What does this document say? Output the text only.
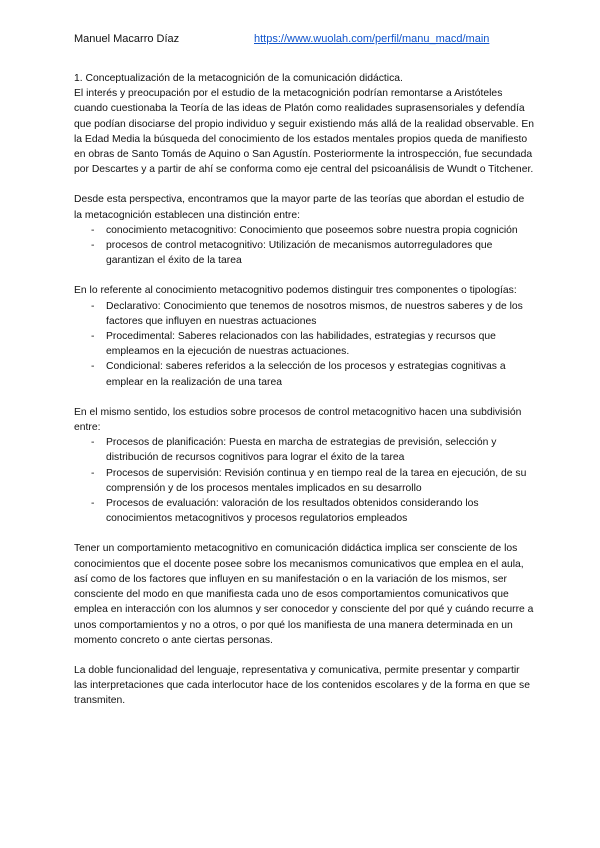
Manuel Macarro Díaz	https://www.wuolah.com/perfil/manu_macd/main

1. Conceptualización de la metacognición de la comunicación didáctica.

El interés y preocupación por el estudio de la metacognición podrían remontarse a Aristóteles cuando cuestionaba la Teoría de las ideas de Platón como realidades suprasensoriales y defendía que podían disociarse del propio individuo y seguir existiendo más allá de la realidad observable. En la Edad Media la búsqueda del conocimiento de los estados mentales propios queda de manifiesto en obras de Santo Tomás de Aquino o San Agustín. Posteriormente la introspección, fue secundada por Descartes y a partir de ahí se conforma como eje central del psicoanálisis de Wundt o Titchener.

Desde esta perspectiva, encontramos que la mayor parte de las teorías que abordan el estudio de la metacognición establecen una distinción entre:

- conocimiento metacognitivo: Conocimiento que poseemos sobre nuestra propia cognición
- procesos de control metacognitivo: Utilización de mecanismos autorreguladores que garantizan el éxito de la tarea

En lo referente al conocimiento metacognitivo podemos distinguir tres componentes o tipologías:

- Declarativo: Conocimiento que tenemos de nosotros mismos, de nuestros saberes y de los factores que influyen en nuestras actuaciones
- Procedimental: Saberes relacionados con las habilidades, estrategias y recursos que empleamos en la ejecución de nuestras actuaciones.
- Condicional: saberes referidos a la selección de los procesos y estrategias cognitivas a emplear en la realización de una tarea

En el mismo sentido, los estudios sobre procesos de control metacognitivo hacen una subdivisión entre:

- Procesos de planificación: Puesta en marcha de estrategias de previsión, selección y distribución de recursos cognitivos para lograr el éxito de la tarea
- Procesos de supervisión: Revisión continua y en tiempo real de la tarea en ejecución, de su comprensión y de los procesos mentales implicados en su desarrollo
- Procesos de evaluación: valoración de los resultados obtenidos considerando los conocimientos metacognitivos y procesos regulatorios empleados

Tener un comportamiento metacognitivo en comunicación didáctica implica ser consciente de los conocimientos que el docente posee sobre los mecanismos comunicativos que emplea en el aula, así como de los factores que influyen en su manifestación o en la variación de los mismos, ser consciente del modo en que manifiesta cada uno de esos comportamientos comunicativos que emplea en interacción con los alumnos y ser conocedor y consciente del por qué y cuándo recurre a unos comportamientos y no a otros, o por qué los manifiesta de una manera determinada en un momento concreto o ante ciertas personas.

La doble funcionalidad del lenguaje, representativa y comunicativa, permite presentar y compartir las interpretaciones que cada interlocutor hace de los contenidos escolares y de la forma en que se transmiten.
